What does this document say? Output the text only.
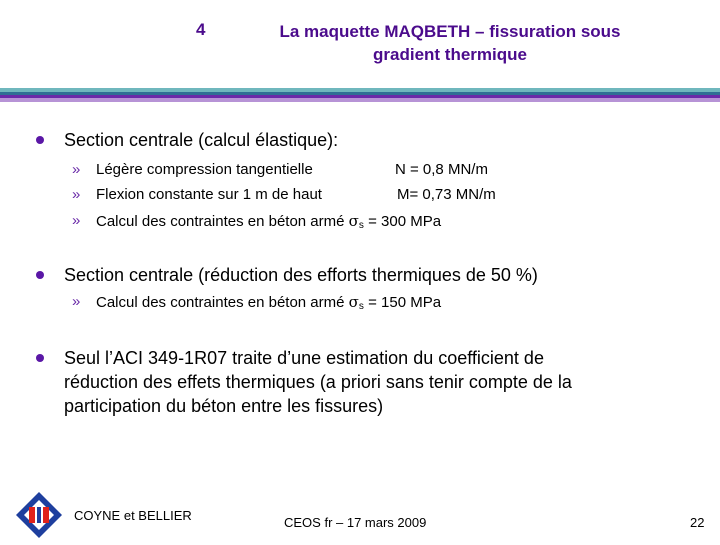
4	La maquette MAQBETH – fissuration sous gradient thermique
Section centrale (calcul élastique):
» Légère compression tangentielle	N = 0,8 MN/m
» Flexion constante sur 1 m de haut	M= 0,73 MN/m
» Calcul des contraintes en béton armé $\sigma_s = 300$ MPa
Section centrale (réduction des efforts thermiques de 50 %)
» Calcul des contraintes en béton armé $\sigma_s = 150$ MPa
Seul l’ACI 349-1R07 traite d’une estimation du coefficient de
réduction des effets thermiques (a priori sans tenir compte de la
participation du béton entre les fissures)
COYNE et BELLIER	CEOS fr – 17 mars 2009	22
